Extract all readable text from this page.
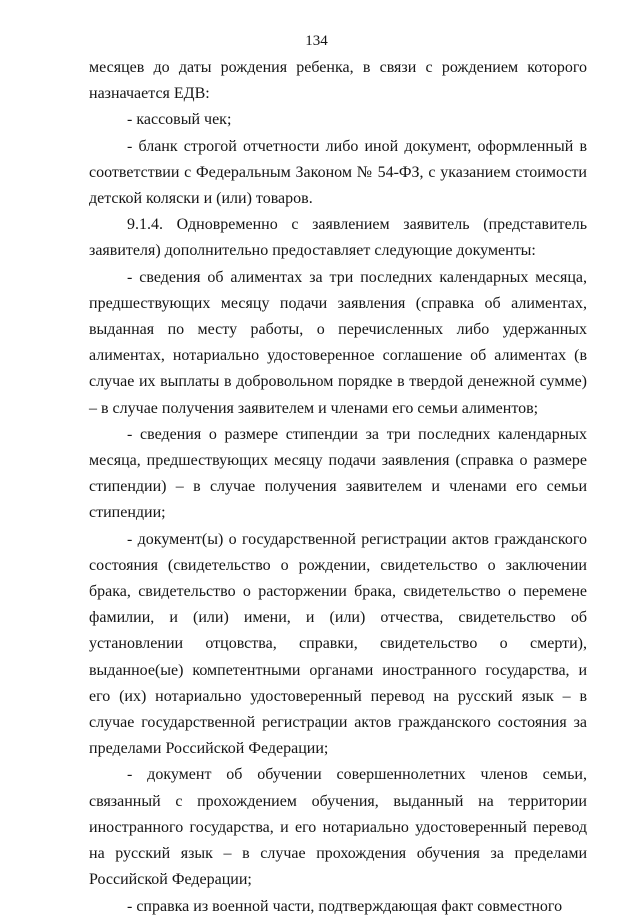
134

месяцев до даты рождения ребенка, в связи с рождением которого назначается ЕДВ:

- кассовый чек;

- бланк строгой отчетности либо иной документ, оформленный в соответствии с Федеральным Законом № 54-ФЗ, с указанием стоимости детской коляски и (или) товаров.

9.1.4. Одновременно с заявлением заявитель (представитель заявителя) дополнительно предоставляет следующие документы:

- сведения об алиментах за три последних календарных месяца, предшествующих месяцу подачи заявления (справка об алиментах, выданная по месту работы, о перечисленных либо удержанных алиментах, нотариально удостоверенное соглашение об алиментах (в случае их выплаты в добровольном порядке в твердой денежной сумме) – в случае получения заявителем и членами его семьи алиментов;

- сведения о размере стипендии за три последних календарных месяца, предшествующих месяцу подачи заявления (справка о размере стипендии) – в случае получения заявителем и членами его семьи стипендии;

- документ(ы) о государственной регистрации актов гражданского состояния (свидетельство о рождении, свидетельство о заключении брака, свидетельство о расторжении брака, свидетельство о перемене фамилии, и (или) имени, и (или) отчества, свидетельство об установлении отцовства, справки, свидетельство о смерти), выданное(ые) компетентными органами иностранного государства, и его (их) нотариально удостоверенный перевод на русский язык – в случае государственной регистрации актов гражданского состояния за пределами Российской Федерации;

- документ об обучении совершеннолетних членов семьи, связанный с прохождением обучения, выданный на территории иностранного государства, и его нотариально удостоверенный перевод на русский язык – в случае прохождения обучения за пределами Российской Федерации;

- справка из военной части, подтверждающая факт совместного
